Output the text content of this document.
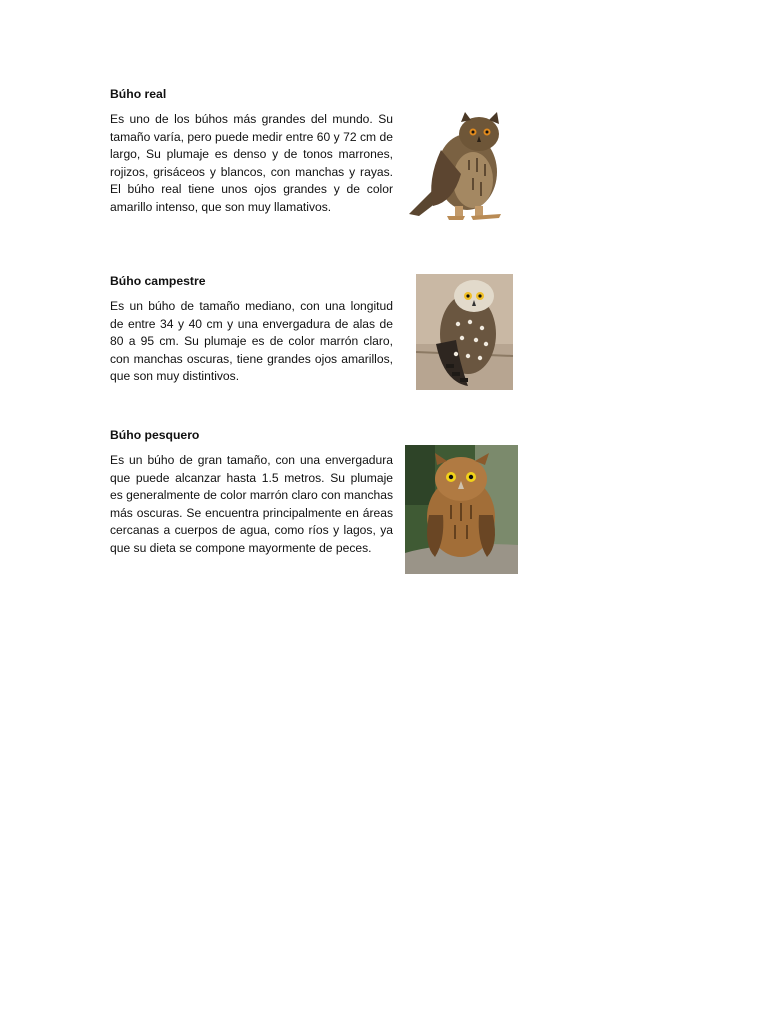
Búho real

Es uno de los búhos más grandes del mundo. Su tamaño varía, pero puede medir entre 60 y 72 cm de largo, Su plumaje es denso y de tonos marrones, rojizos, grisáceos y blancos, con manchas y rayas. El búho real tiene unos ojos grandes y de color amarillo intenso, que son muy llamativos.

Búho campestre

Es un búho de tamaño mediano, con una longitud de entre 34 y 40 cm y una envergadura de alas de 80 a 95 cm. Su plumaje es de color marrón claro, con manchas oscuras, tiene grandes ojos amarillos, que son muy distintivos.

Búho pesquero

Es un búho de gran tamaño, con una envergadura que puede alcanzar hasta 1.5 metros. Su plumaje es generalmente de color marrón claro con manchas más oscuras. Se encuentra principalmente en áreas cercanas a cuerpos de agua, como ríos y lagos, ya que su dieta se compone mayormente de peces.
